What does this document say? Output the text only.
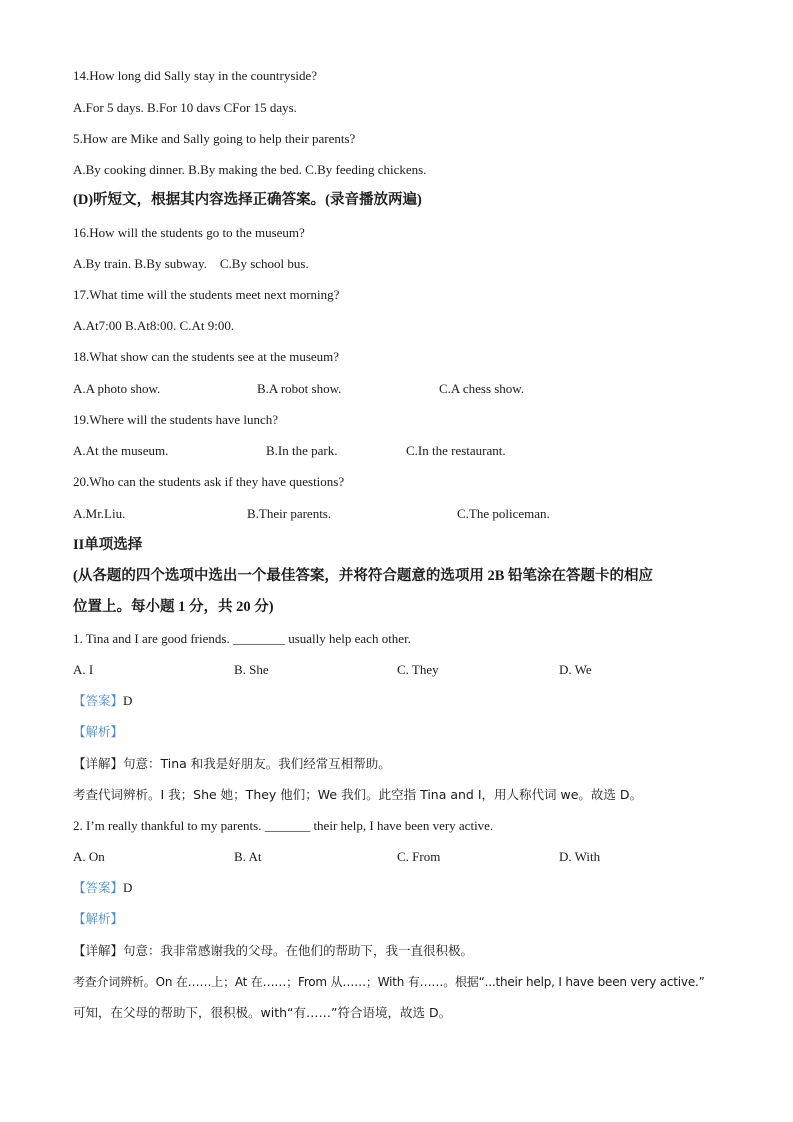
14.How long did Sally stay in the countryside?
A.For 5 days. B.For 10 davs CFor 15 days.
5.How are Mike and Sally going to help their parents?
A.By cooking dinner. B.By making the bed. C.By feeding chickens.
(D)听短文，根据其内容选择正确答案。(录音播放两遍)
16.How will the students go to the museum?
A.By train. B.By subway.    C.By school bus.
17.What time will the students meet next morning?
A.At7:00 B.At8:00. C.At 9:00.
18.What show can the students see at the museum?
A.A photo show.	B.A robot show.	C.A chess show.
19.Where will the students have lunch?
A.At the museum.	B.In the park.	C.In the restaurant.
20.Who can the students ask if they have questions?
A.Mr.Liu.	B.Their parents.	C.The policeman.
II单项选择
(从各题的四个选项中选出一个最佳答案，并将符合题意的选项用 2B 铅笔涂在答题卡的相应
位置上。每小题 1 分，共 20 分)
1. Tina and I are good friends. ________ usually help each other.
A. I	B. She	C. They	D. We
【答案】D
【解析】
【详解】句意：Tina 和我是好朋友。我们经常互相帮助。
考查代词辨析。I 我；She 她；They 他们；We 我们。此空指 Tina and I，用人称代词 we。故选 D。
2. I’m really thankful to my parents. _______ their help, I have been very active.
A. On	B. At	C. From	D. With
【答案】D
【解析】
【详解】句意：我非常感谢我的父母。在他们的帮助下，我一直很积极。
考查介词辨析。On 在……上；At 在……；From 从……；With 有……。根据“...their help, I have been very active.”
可知，在父母的帮助下，很积极。with“有……”符合语境，故选 D。
